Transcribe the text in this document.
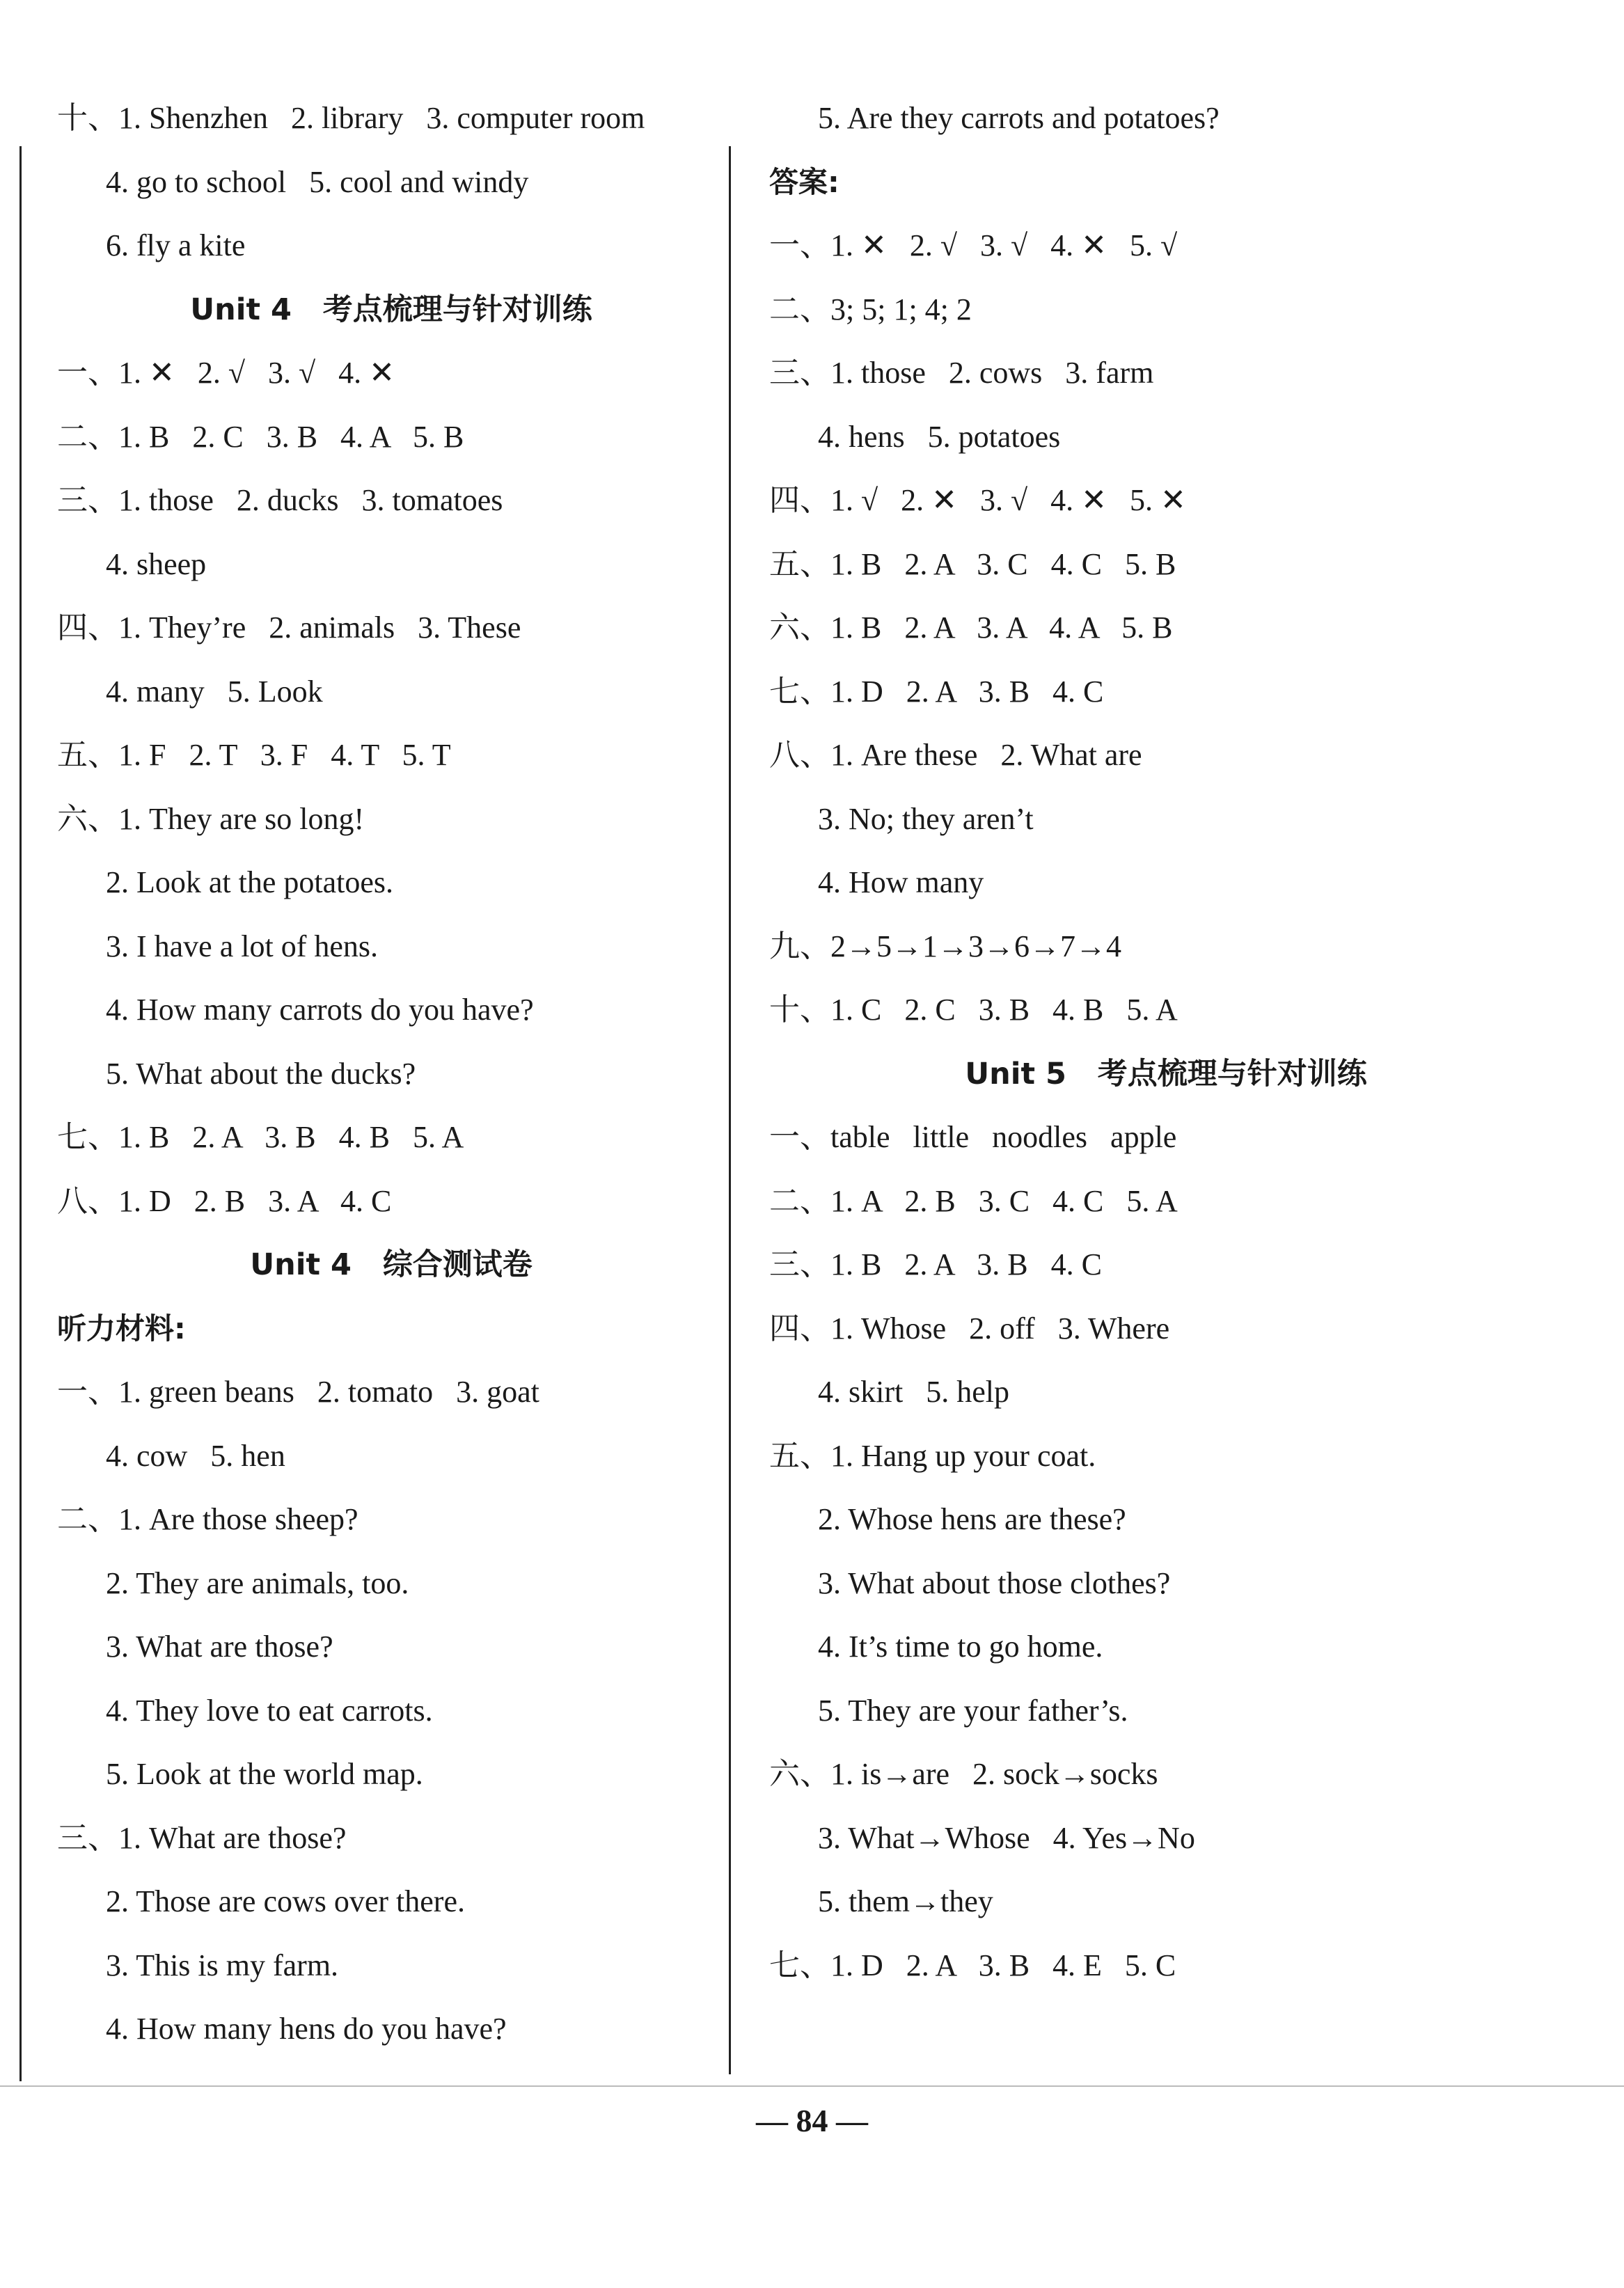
十、1. Shenzhen   2. library   3. computer room
4. go to school   5. cool and windy
6. fly a kite
Unit 4   考点梳理与针对训练
一、1. ✕   2. √   3. √   4. ✕
二、1. B   2. C   3. B   4. A   5. B
三、1. those   2. ducks   3. tomatoes
4. sheep
四、1. They’re   2. animals   3. These
4. many   5. Look
五、1. F   2. T   3. F   4. T   5. T
六、1. They are so long!
2. Look at the potatoes.
3. I have a lot of hens.
4. How many carrots do you have?
5. What about the ducks?
七、1. B   2. A   3. B   4. B   5. A
八、1. D   2. B   3. A   4. C
Unit 4   综合测试卷
听力材料:
一、1. green beans   2. tomato   3. goat
4. cow   5. hen
二、1. Are those sheep?
2. They are animals, too.
3. What are those?
4. They love to eat carrots.
5. Look at the world map.
三、1. What are those?
2. Those are cows over there.
3. This is my farm.
4. How many hens do you have?
5. Are they carrots and potatoes?
答案:
一、1. ✕   2. √   3. √   4. ✕   5. √
二、3; 5; 1; 4; 2
三、1. those   2. cows   3. farm
4. hens   5. potatoes
四、1. √   2. ✕   3. √   4. ✕   5. ✕
五、1. B   2. A   3. C   4. C   5. B
六、1. B   2. A   3. A   4. A   5. B
七、1. D   2. A   3. B   4. C
八、1. Are these   2. What are
3. No; they aren’t
4. How many
九、2→5→1→3→6→7→4
十、1. C   2. C   3. B   4. B   5. A
Unit 5   考点梳理与针对训练
一、table   little   noodles   apple
二、1. A   2. B   3. C   4. C   5. A
三、1. B   2. A   3. B   4. C
四、1. Whose   2. off   3. Where
4. skirt   5. help
五、1. Hang up your coat.
2. Whose hens are these?
3. What about those clothes?
4. It’s time to go home.
5. They are your father’s.
六、1. is→are   2. sock→socks
3. What→Whose   4. Yes→No
5. them→they
七、1. D   2. A   3. B   4. E   5. C
— 84 —
